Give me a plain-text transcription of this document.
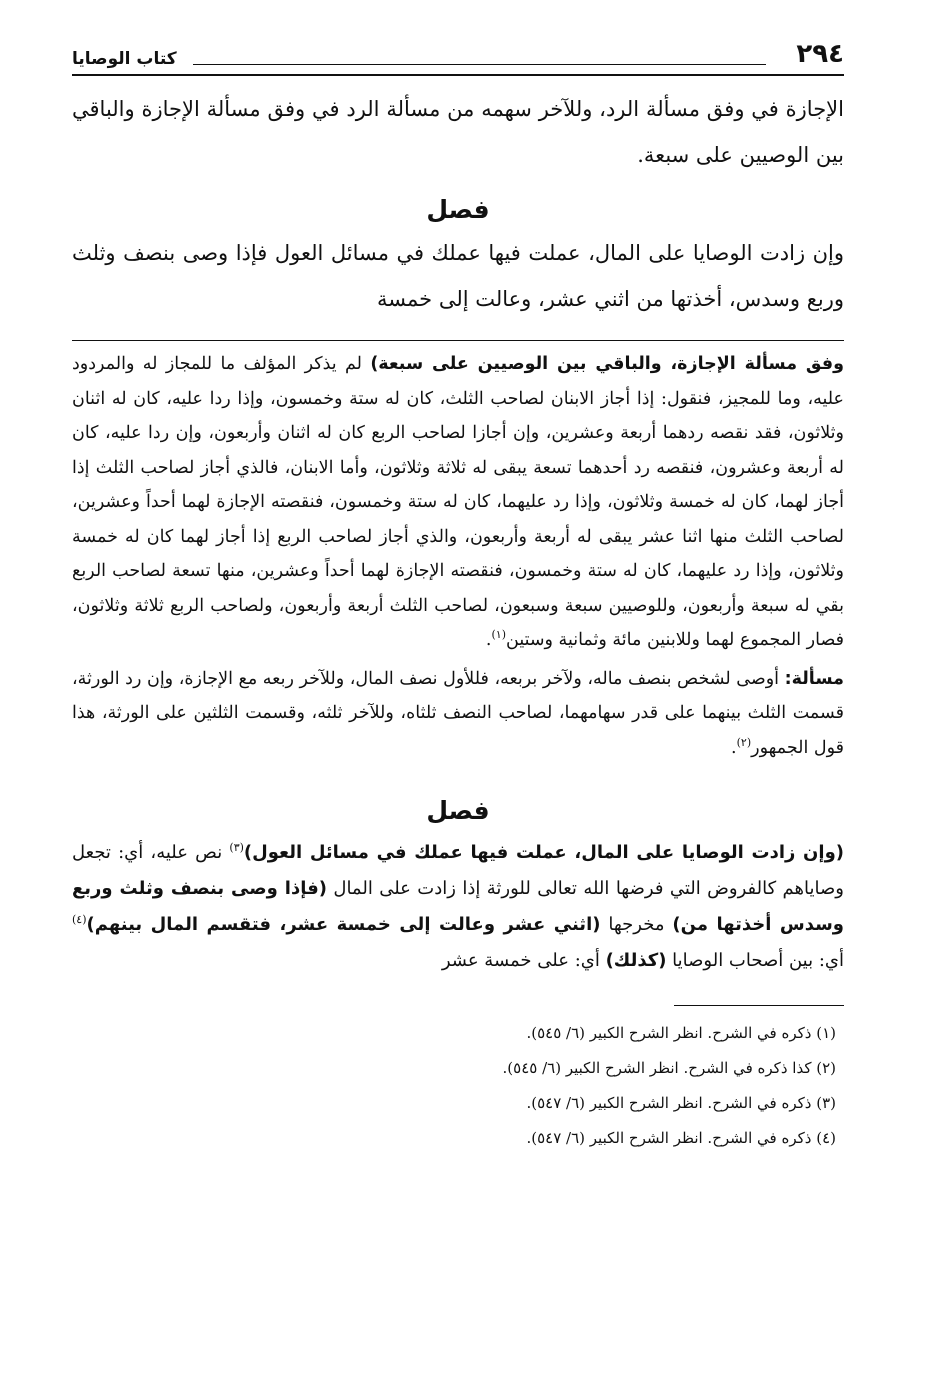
٢٩٤
كتاب الوصايا

الإجازة في وفق مسألة الرد، وللآخر سهمه من مسألة الرد في وفق مسألة الإجازة والباقي بين الوصيين على سبعة.

فصل

وإن زادت الوصايا على المال، عملت فيها عملك في مسائل العول فإذا وصى بنصف وثلث وربع وسدس، أخذتها من اثني عشر، وعالت إلى خمسة

وفق مسألة الإجازة، والباقي بين الوصيين على سبعة) لم يذكر المؤلف ما للمجاز له والمردود عليه، وما للمجيز، فنقول: إذا أجاز الابنان لصاحب الثلث، كان له ستة وخمسون، وإذا ردا عليه، كان له اثنان وثلاثون، فقد نقصه ردهما أربعة وعشرين، وإن أجازا لصاحب الربع كان له اثنان وأربعون، وإن ردا عليه، كان له أربعة وعشرون، فنقصه رد أحدهما تسعة يبقى له ثلاثة وثلاثون، وأما الابنان، فالذي أجاز لصاحب الثلث إذا أجاز لهما، كان له خمسة وثلاثون، وإذا رد عليهما، كان له ستة وخمسون، فنقصته الإجازة لهما أحداً وعشرين، لصاحب الثلث منها اثنا عشر يبقى له أربعة وأربعون، والذي أجاز لصاحب الربع إذا أجاز لهما كان له خمسة وثلاثون، وإذا رد عليهما، كان له ستة وخمسون، فنقصته الإجازة لهما أحداً وعشرين، منها تسعة لصاحب الربع بقي له سبعة وأربعون، وللوصيين سبعة وسبعون، لصاحب الثلث أربعة وأربعون، ولصاحب الربع ثلاثة وثلاثون، فصار المجموع لهما وللابنين مائة وثمانية وستين$^{(١)}$.

مسألة: أوصى لشخص بنصف ماله، ولآخر بربعه، فللأول نصف المال، وللآخر ربعه مع الإجازة، وإن رد الورثة، قسمت الثلث بينهما على قدر سهامهما، لصاحب النصف ثلثاه، وللآخر ثلثه، وقسمت الثلثين على الورثة، هذا قول الجمهور$^{(٢)}$.

فصل

(وإن زادت الوصايا على المال، عملت فيها عملك في مسائل العول)$^{(٣)}$ نص عليه، أي: تجعل وصاياهم كالفروض التي فرضها الله تعالى للورثة إذا زادت على المال (فإذا وصى بنصف وثلث وربع وسدس أخذتها من) مخرجها (اثني عشر وعالت إلى خمسة عشر، فتقسم المال بينهم)$^{(٤)}$ أي: بين أصحاب الوصايا (كذلك) أي: على خمسة عشر

(١) ذكره في الشرح. انظر الشرح الكبير (٦/ ٥٤٥).
(٢) كذا ذكره في الشرح. انظر الشرح الكبير (٦/ ٥٤٥).
(٣) ذكره في الشرح. انظر الشرح الكبير (٦/ ٥٤٧).
(٤) ذكره في الشرح. انظر الشرح الكبير (٦/ ٥٤٧).
